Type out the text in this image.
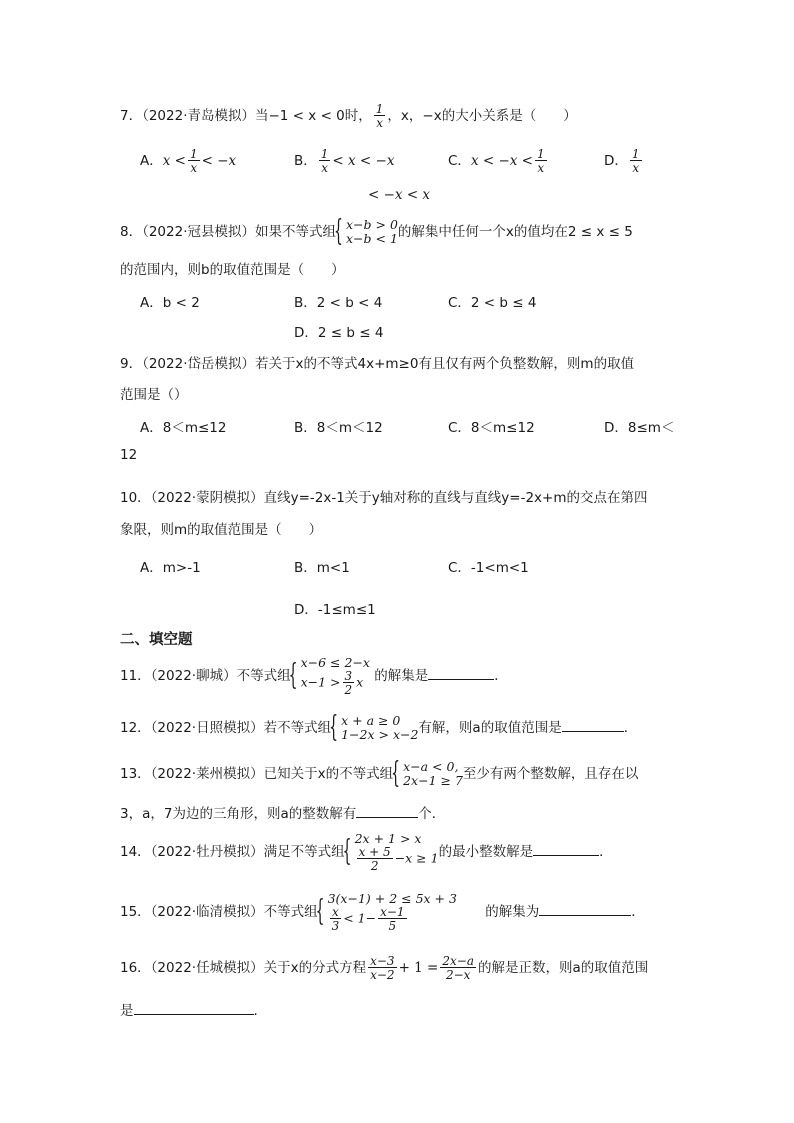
7．（2022·青岛模拟）当−1 < x < 0时， $\frac{1}{x}$ ，x，−x的大小关系是（　　）
A．$x < \frac{1}{x} < -x$	B． $\frac{1}{x} < x < -x$	C．$x < -x < \frac{1}{x}$	D． $\frac{1}{x}$
< −x < x
8．（2022·冠县模拟）如果不等式组 { x−b > 0
x−b < 1 的解集中任何一个x的值均在2 ≤ x ≤ 5
的范围内，则b的取值范围是（　　）
A．b < 2	B．2 < b < 4	C．2 < b ≤ 4
D．2 ≤ b ≤ 4
9．（2022·岱岳模拟）若关于x的不等式4x+m≥0有且仅有两个负整数解，则m的取值
范围是（）
A．8＜m≤12	B．8＜m＜12	C．8＜m≤12	D．8≤m＜
12
10．（2022·蒙阴模拟）直线y=-2x-1关于y轴对称的直线与直线y=-2x+m的交点在第四
象限，则m的取值范围是（　　）
A．m>-1	B．m<1	C．-1<m<1
D．-1≤m≤1
二、填空题
11．（2022·聊城）不等式组
{ x−6 ≤ 2−x
$x-1 > \frac{3}{2}$ x 的解集是	．
12．（2022·日照模拟）若不等式组 { x + a ≥ 0
1−2x > x−2 有解，则a的取值范围是	．
13．（2022·莱州模拟）已知关于x的不等式组 { x−a < 0,
2x−1 ≥ 7 至少有两个整数解，且存在以
3，a，7为边的三角形，则a的整数解有	个．
14．（2022·牡丹模拟）满足不等式组
{ 2x + 1 > x
$\frac{x + 5}{2} -x \ge 1$ 的最小整数解是	．
15．（2022·临清模拟）不等式组
{ 3(x−1) + 2 ≤ 5x + 3
$\frac{x}{3} < 1- \frac{x-1}{5}$	的解集为	．
16．（2022·任城模拟）关于x的分式方程 $\frac{x-3}{x-2} + 1 = \frac{2x-a}{2-x}$ 的解是正数，则a的取值范围
是	．
